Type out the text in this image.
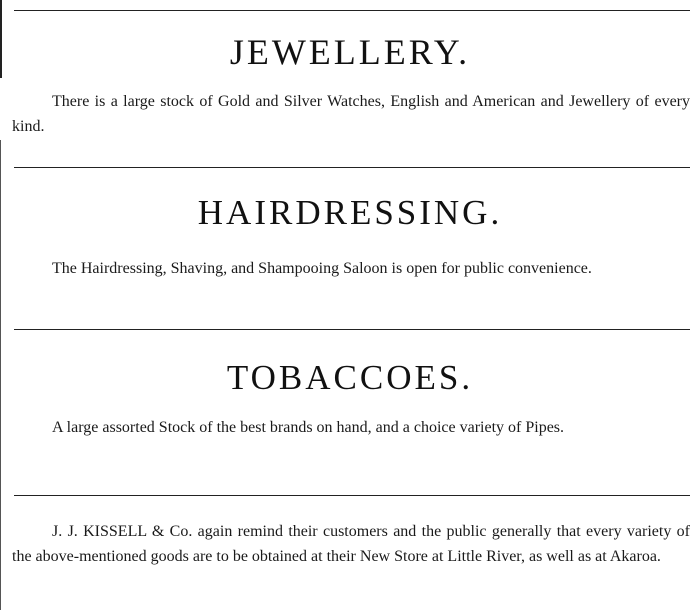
JEWELLERY.

There is a large stock of Gold and Silver Watches, English and American and Jewellery of every kind.

HAIRDRESSING.

The Hairdressing, Shaving, and Shampooing Saloon is open for public convenience.

TOBACCOES.

A large assorted Stock of the best brands on hand, and a choice variety of Pipes.

J. J. KISSELL & Co. again remind their customers and the public generally that every variety of the above-mentioned goods are to be obtained at their New Store at Little River, as well as at Akaroa.
